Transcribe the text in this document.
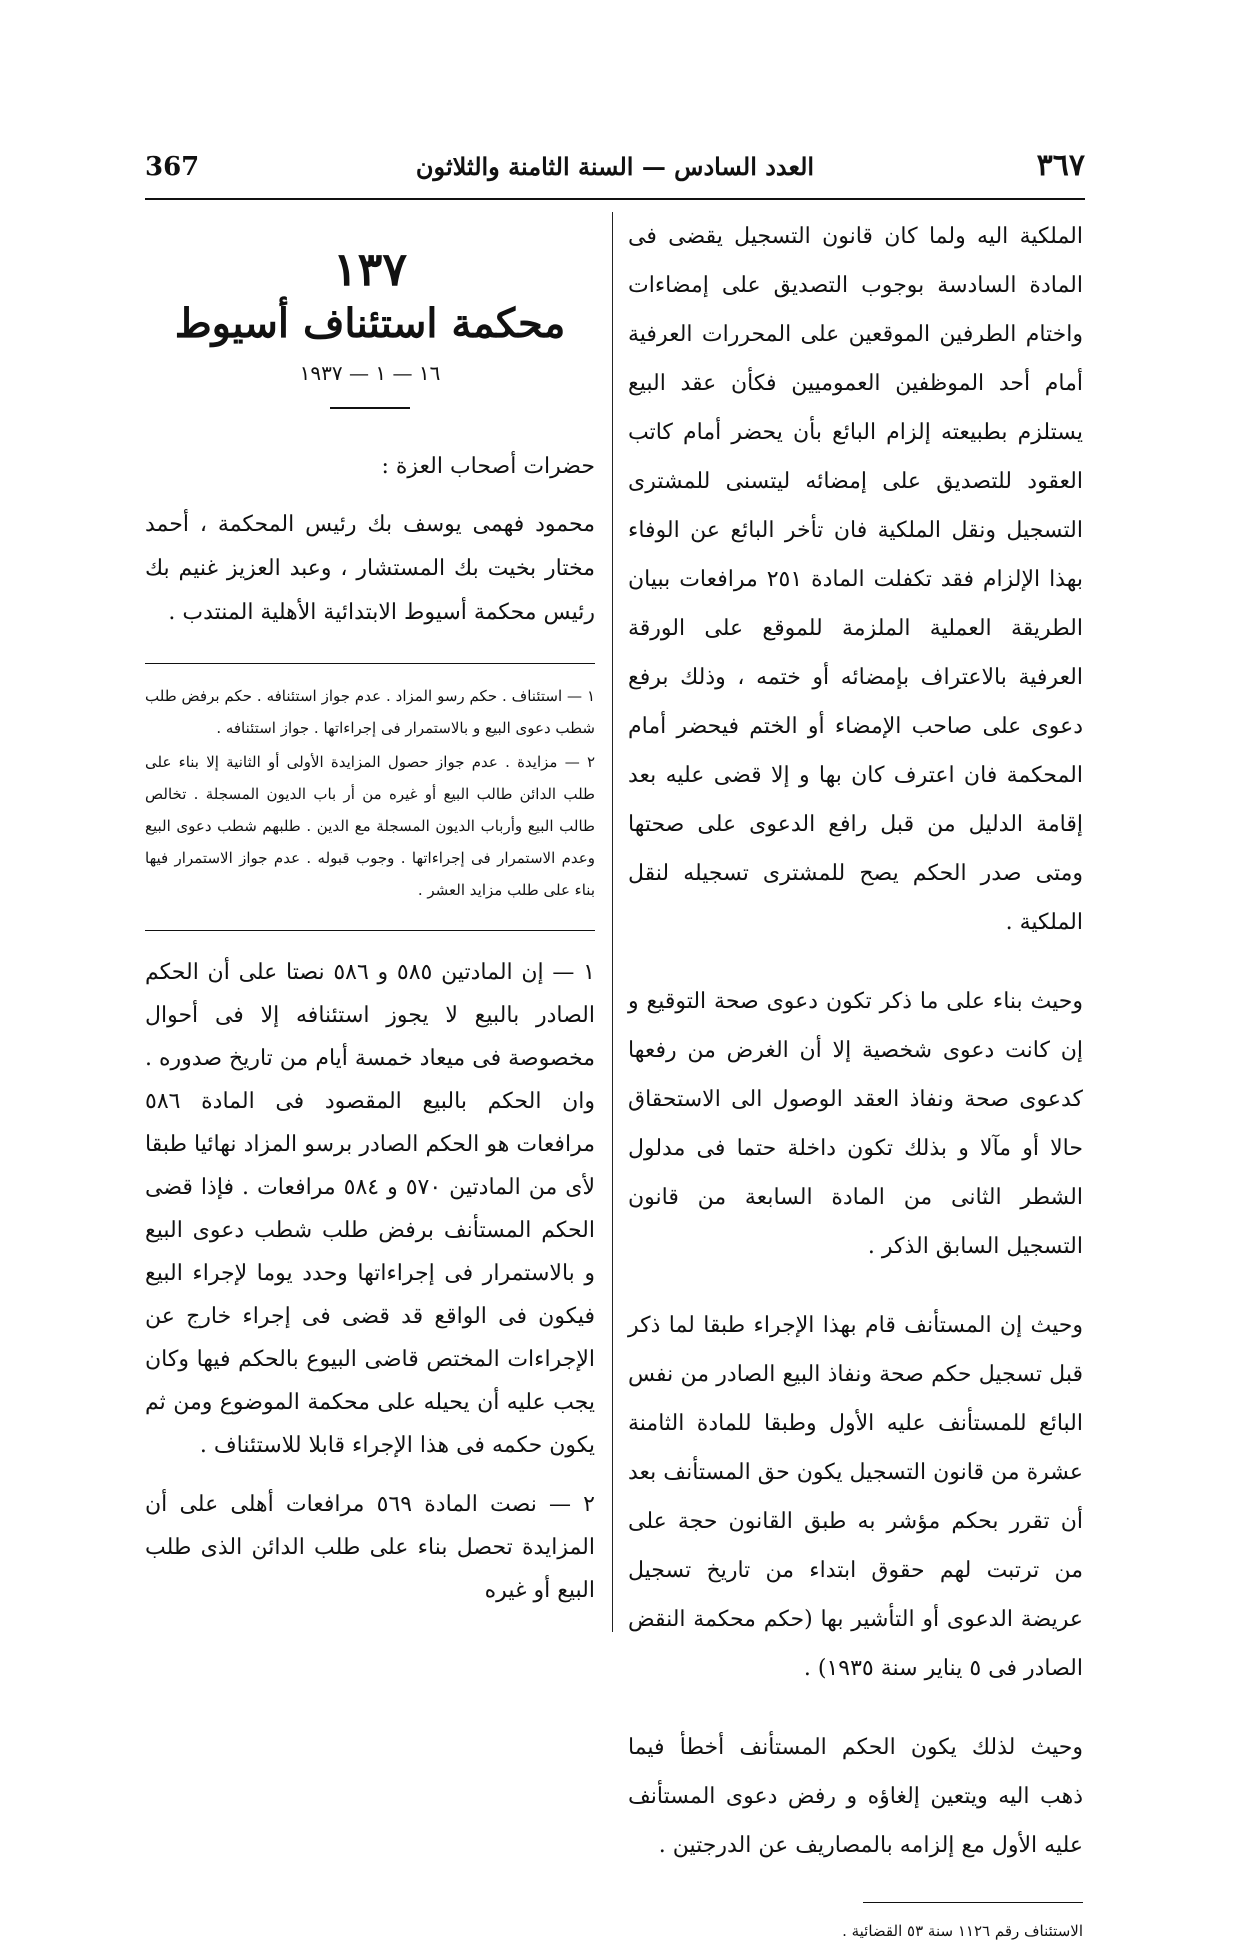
٣٦٧
العدد السادس — السنة الثامنة والثلاثون
367
١٣٧
محكمة استئناف أسيوط
١٦ — ١ — ١٩٣٧
حضرات أصحاب العزة :
محمود فهمى يوسف بك رئيس المحكمة ، أحمد مختار بخيت بك المستشار ، وعبد العزيز غنيم بك رئيس محكمة أسيوط الابتدائية الأهلية المنتدب .
١ — استئناف . حكم رسو المزاد . عدم جواز استئنافه . حكم برفض طلب شطب دعوى البيع و بالاستمرار فى إجراءاتها . جواز استئنافه .
٢ — مزايدة . عدم جواز حصول المزايدة الأولى أو الثانية إلا بناء على طلب الدائن طالب البيع أو غيره من أر باب الديون المسجلة . تخالص طالب البيع وأرباب الديون المسجلة مع الدين . طلبهم شطب دعوى البيع وعدم الاستمرار فى إجراءاتها . وجوب قبوله . عدم جواز الاستمرار فيها بناء على طلب مزايد العشر .
١ — إن المادتين ٥٨٥ و ٥٨٦ نصتا على أن الحكم الصادر بالبيع لا يجوز استئنافه إلا فى أحوال مخصوصة فى ميعاد خمسة أيام من تاريخ صدوره . وان الحكم بالبيع المقصود فى المادة ٥٨٦ مرافعات هو الحكم الصادر برسو المزاد نهائيا طبقا لأى من المادتين ٥٧٠ و ٥٨٤ مرافعات . فإذا قضى الحكم المستأنف برفض طلب شطب دعوى البيع و بالاستمرار فى إجراءاتها وحدد يوما لإجراء البيع فيكون فى الواقع قد قضى فى إجراء خارج عن الإجراءات المختص قاضى البيوع بالحكم فيها وكان يجب عليه أن يحيله على محكمة الموضوع ومن ثم يكون حكمه فى هذا الإجراء قابلا للاستئناف .
٢ — نصت المادة ٥٦٩ مرافعات أهلى على أن المزايدة تحصل بناء على طلب الدائن الذى طلب البيع أو غيره
الملكية اليه ولما كان قانون التسجيل يقضى فى المادة السادسة بوجوب التصديق على إمضاءات واختام الطرفين الموقعين على المحررات العرفية أمام أحد الموظفين العموميين فكأن عقد البيع يستلزم بطبيعته إلزام البائع بأن يحضر أمام كاتب العقود للتصديق على إمضائه ليتسنى للمشترى التسجيل ونقل الملكية فان تأخر البائع عن الوفاء بهذا الإلزام فقد تكفلت المادة ٢٥١ مرافعات ببيان الطريقة العملية الملزمة للموقع على الورقة العرفية بالاعتراف بإمضائه أو ختمه ، وذلك برفع دعوى على صاحب الإمضاء أو الختم فيحضر أمام المحكمة فان اعترف كان بها و إلا قضى عليه بعد إقامة الدليل من قبل رافع الدعوى على صحتها ومتى صدر الحكم يصح للمشترى تسجيله لنقل الملكية .
وحيث بناء على ما ذكر تكون دعوى صحة التوقيع و إن كانت دعوى شخصية إلا أن الغرض من رفعها كدعوى صحة ونفاذ العقد الوصول الى الاستحقاق حالا أو مآلا و بذلك تكون داخلة حتما فى مدلول الشطر الثانى من المادة السابعة من قانون التسجيل السابق الذكر .
وحيث إن المستأنف قام بهذا الإجراء طبقا لما ذكر قبل تسجيل حكم صحة ونفاذ البيع الصادر من نفس البائع للمستأنف عليه الأول وطبقا للمادة الثامنة عشرة من قانون التسجيل يكون حق المستأنف بعد أن تقرر بحكم مؤشر به طبق القانون حجة على من ترتبت لهم حقوق ابتداء من تاريخ تسجيل عريضة الدعوى أو التأشير بها (حكم محكمة النقض الصادر فى ٥ يناير سنة ١٩٣٥) .
وحيث لذلك يكون الحكم المستأنف أخطأ فيما ذهب اليه ويتعين إلغاؤه و رفض دعوى المستأنف عليه الأول مع إلزامه بالمصاريف عن الدرجتين .
الاستئناف رقم ١١٢٦ سنة ٥٣ القضائية .
